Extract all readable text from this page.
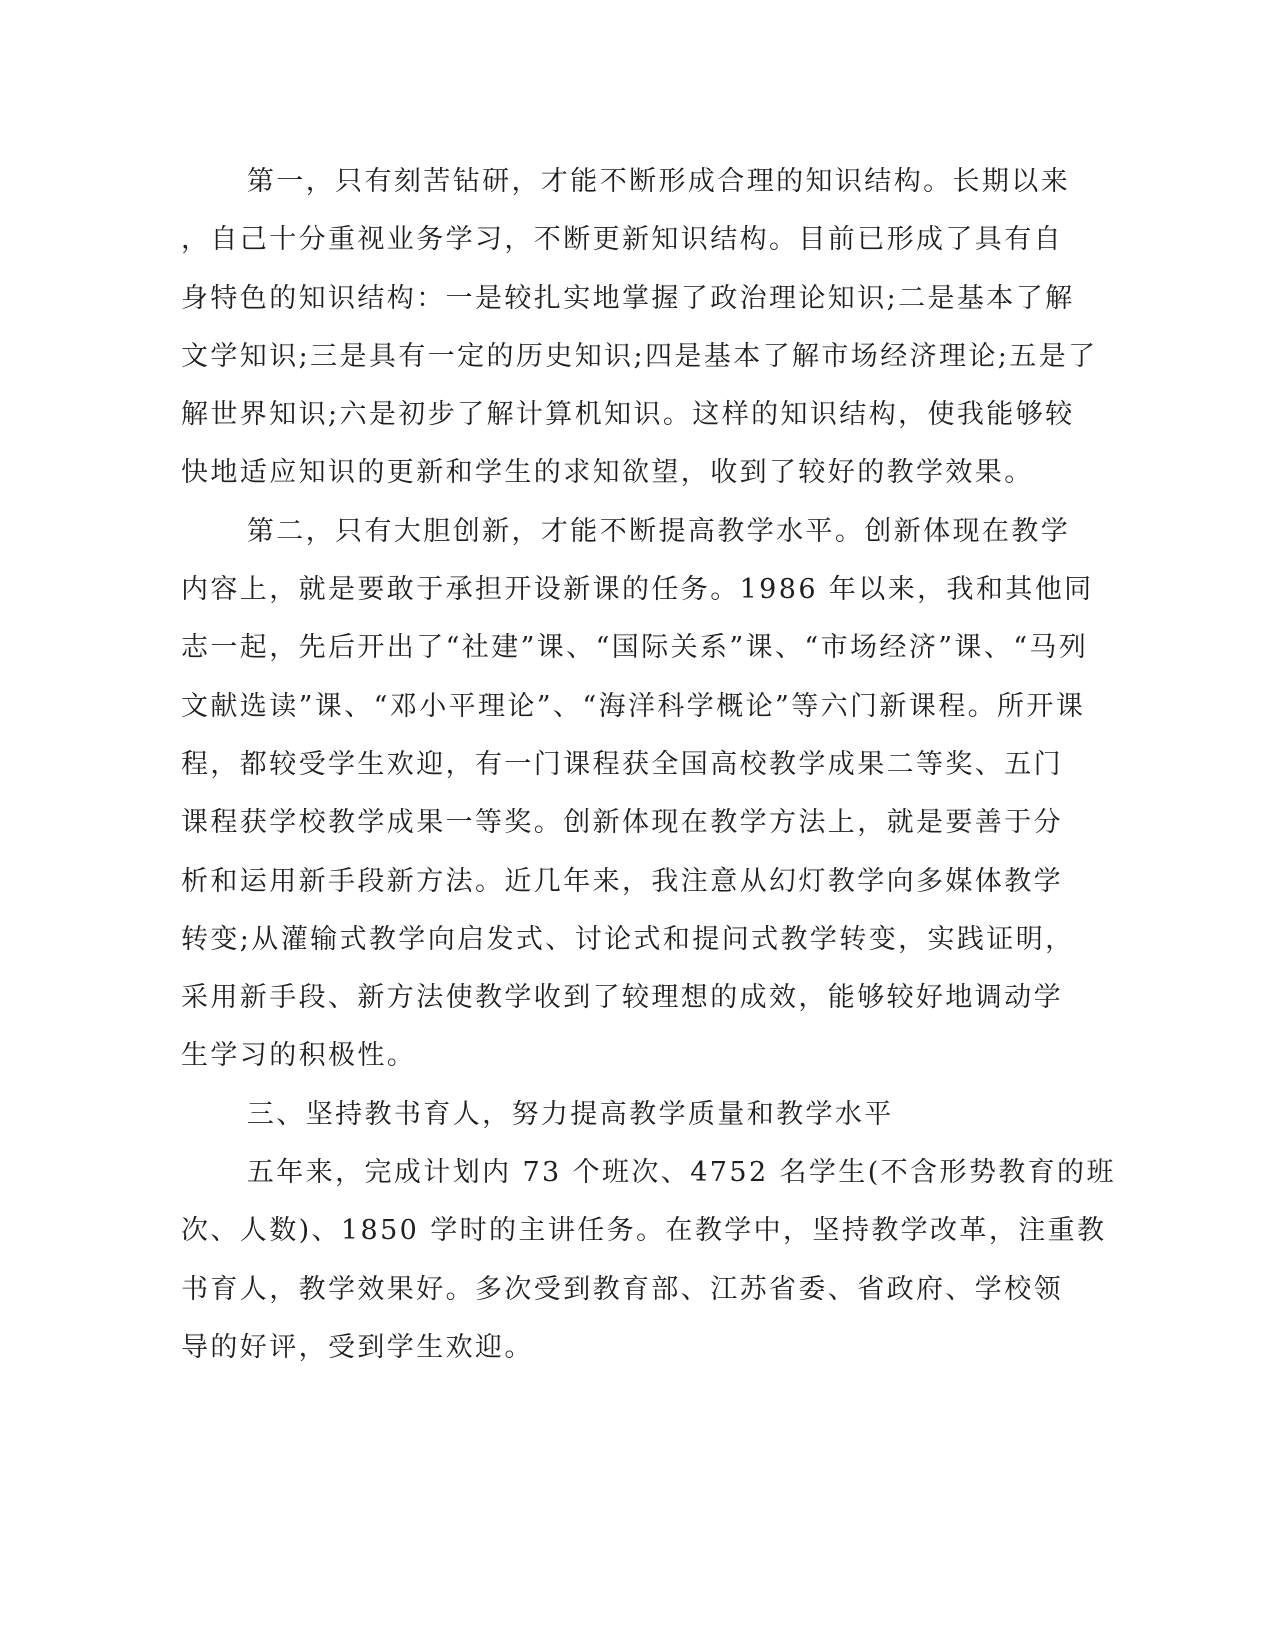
第一，只有刻苦钻研，才能不断形成合理的知识结构。长期以来
，自己十分重视业务学习，不断更新知识结构。目前已形成了具有自
身特色的知识结构：一是较扎实地掌握了政治理论知识;二是基本了解
文学知识;三是具有一定的历史知识;四是基本了解市场经济理论;五是了
解世界知识;六是初步了解计算机知识。这样的知识结构，使我能够较
快地适应知识的更新和学生的求知欲望，收到了较好的教学效果。
第二，只有大胆创新，才能不断提高教学水平。创新体现在教学
内容上，就是要敢于承担开设新课的任务。1986 年以来，我和其他同
志一起，先后开出了“社建”课、“国际关系”课、“市场经济”课、“马列
文献选读”课、“邓小平理论”、“海洋科学概论”等六门新课程。所开课
程，都较受学生欢迎，有一门课程获全国高校教学成果二等奖、五门
课程获学校教学成果一等奖。创新体现在教学方法上，就是要善于分
析和运用新手段新方法。近几年来，我注意从幻灯教学向多媒体教学
转变;从灌输式教学向启发式、讨论式和提问式教学转变，实践证明，
采用新手段、新方法使教学收到了较理想的成效，能够较好地调动学
生学习的积极性。
三、坚持教书育人，努力提高教学质量和教学水平
五年来，完成计划内 73 个班次、4752 名学生(不含形势教育的班
次、人数)、1850 学时的主讲任务。在教学中，坚持教学改革，注重教
书育人，教学效果好。多次受到教育部、江苏省委、省政府、学校领
导的好评，受到学生欢迎。
